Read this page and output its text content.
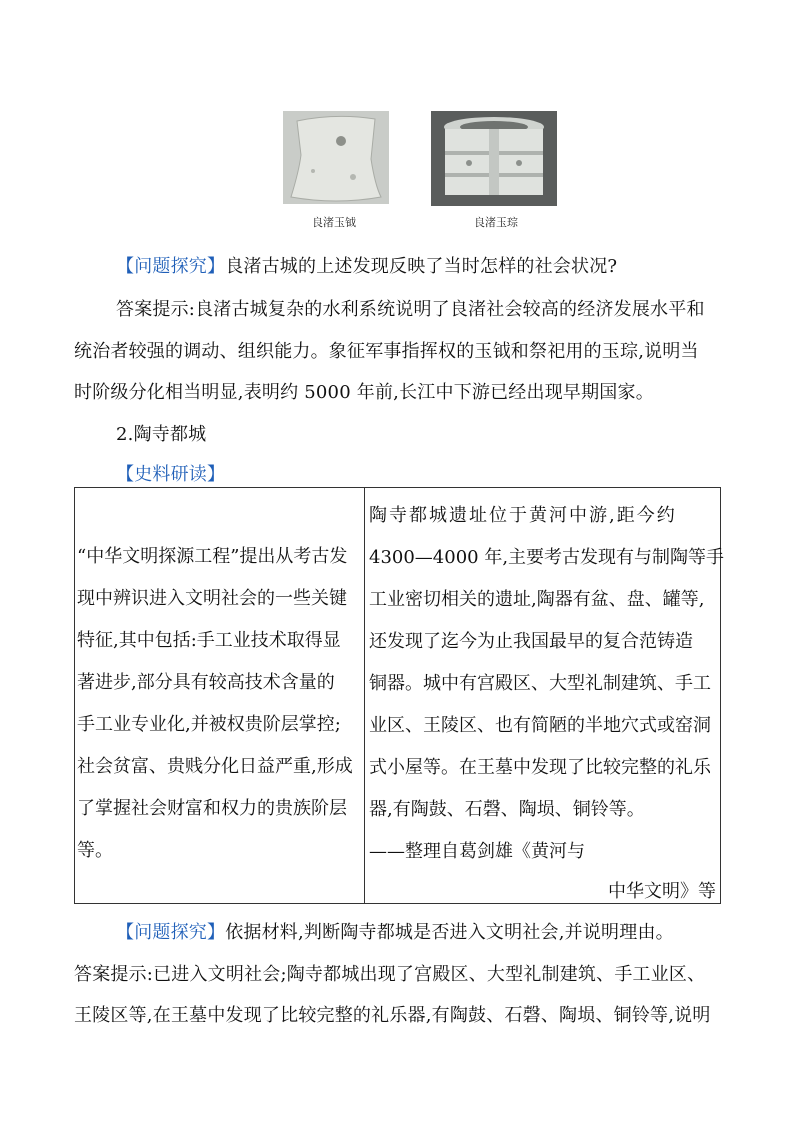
良渚玉钺	良渚玉琮
【问题探究】良渚古城的上述发现反映了当时怎样的社会状况?
答案提示:良渚古城复杂的水利系统说明了良渚社会较高的经济发展水平和
统治者较强的调动、组织能力。象征军事指挥权的玉钺和祭祀用的玉琮,说明当
时阶级分化相当明显,表明约 5000 年前,长江中下游已经出现早期国家。
2.陶寺都城
【史料研读】
“中华文明探源工程”提出从考古发
现中辨识进入文明社会的一些关键
特征,其中包括:手工业技术取得显
著进步,部分具有较高技术含量的
手工业专业化,并被权贵阶层掌控;
社会贫富、贵贱分化日益严重,形成
了掌握社会财富和权力的贵族阶层
等。
陶寺都城遗址位于黄河中游,距今约
4300—4000 年,主要考古发现有与制陶等手
工业密切相关的遗址,陶器有盆、盘、罐等,
还发现了迄今为止我国最早的复合范铸造
铜器。城中有宫殿区、大型礼制建筑、手工
业区、王陵区、也有简陋的半地穴式或窑洞
式小屋等。在王墓中发现了比较完整的礼乐
器,有陶鼓、石磬、陶埙、铜铃等。
——整理自葛剑雄《黄河与
中华文明》等
【问题探究】依据材料,判断陶寺都城是否进入文明社会,并说明理由。
答案提示:已进入文明社会;陶寺都城出现了宫殿区、大型礼制建筑、手工业区、
王陵区等,在王墓中发现了比较完整的礼乐器,有陶鼓、石磬、陶埙、铜铃等,说明
